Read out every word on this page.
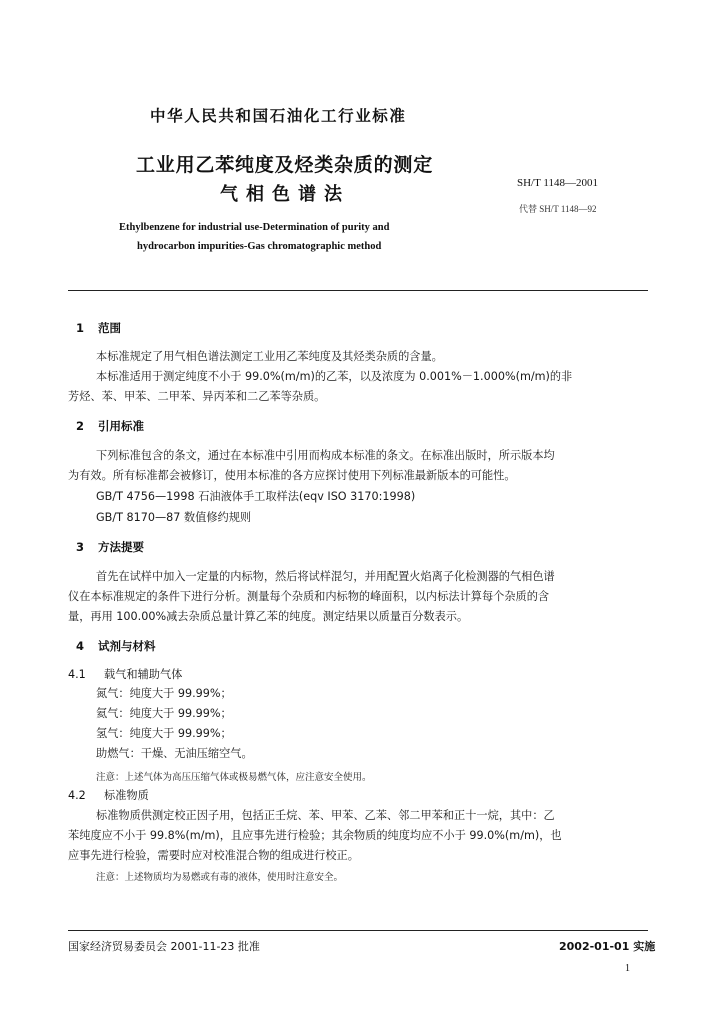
中华人民共和国石油化工行业标准
工业用乙苯纯度及烃类杂质的测定
气相色谱法
SH/T 1148—2001
代替 SH/T 1148—92
Ethylbenzene for industrial use-Determination of purity and
hydrocarbon impurities-Gas chromatographic method
1 范围
本标准规定了用气相色谱法测定工业用乙苯纯度及其烃类杂质的含量。
本标准适用于测定纯度不小于 99.0%(m/m)的乙苯，以及浓度为 0.001%－1.000%(m/m)的非
芳烃、苯、甲苯、二甲苯、异丙苯和二乙苯等杂质。
2 引用标准
下列标准包含的条文，通过在本标准中引用而构成本标准的条文。在标准出版时，所示版本均
为有效。所有标准都会被修订，使用本标准的各方应探讨使用下列标准最新版本的可能性。
GB/T 4756—1998 石油液体手工取样法(eqv ISO 3170:1998)
GB/T 8170—87 数值修约规则
3 方法提要
首先在试样中加入一定量的内标物，然后将试样混匀，并用配置火焰离子化检测器的气相色谱
仪在本标准规定的条件下进行分析。测量每个杂质和内标物的峰面积，以内标法计算每个杂质的含
量，再用 100.00%减去杂质总量计算乙苯的纯度。测定结果以质量百分数表示。
4 试剂与材料
4.1 载气和辅助气体
氮气：纯度大于 99.99%；
氦气：纯度大于 99.99%；
氢气：纯度大于 99.99%；
助燃气：干燥、无油压缩空气。
注意：上述气体为高压压缩气体或极易燃气体，应注意安全使用。
4.2 标准物质
标准物质供测定校正因子用，包括正壬烷、苯、甲苯、乙苯、邻二甲苯和正十一烷，其中：乙
苯纯度应不小于 99.8%(m/m)，且应事先进行检验；其余物质的纯度均应不小于 99.0%(m/m)，也
应事先进行检验，需要时应对校准混合物的组成进行校正。
注意：上述物质均为易燃或有毒的液体，使用时注意安全。
国家经济贸易委员会 2001-11-23 批准	2002-01-01 实施
1
